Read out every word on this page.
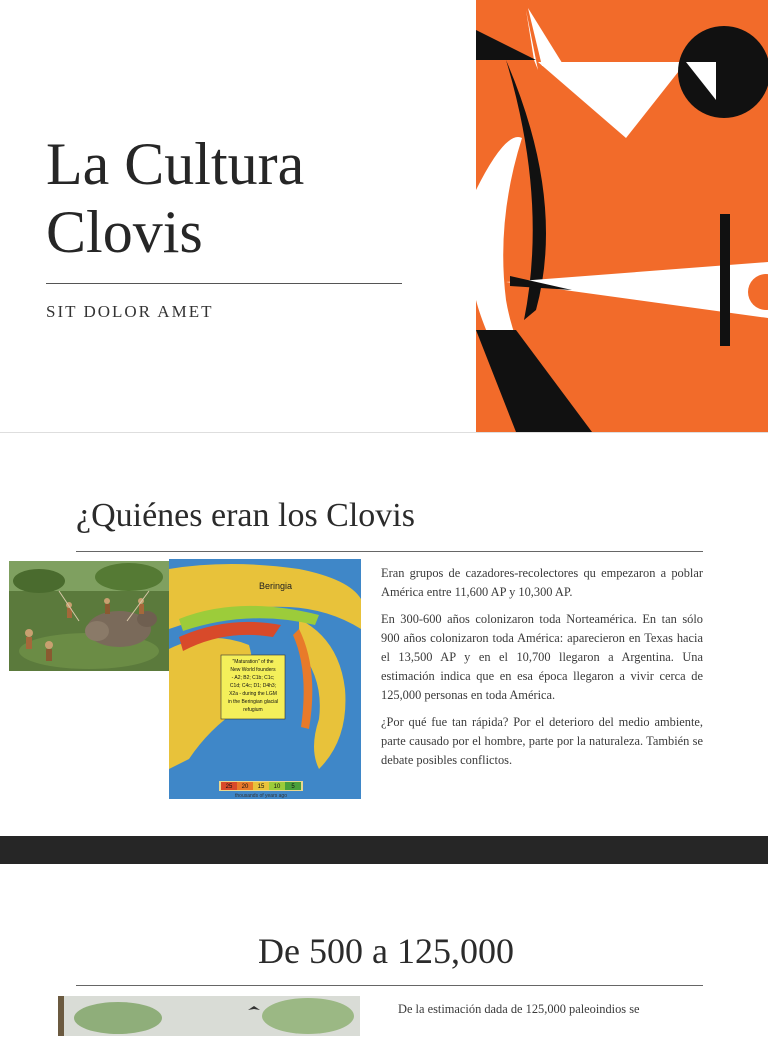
La Cultura
Clovis
SIT DOLOR AMET
¿Quiénes eran los Clovis
Beringia
"Maturation" of the
New World founders
- A2; B2; C1b; C1c;
C1d; C4c; D1; D4h3;
X2a - during the LGM
in the Beringian glacial
refugium
25 20 15 10 5
thousands of years ago

Eran grupos de cazadores-recolectores qu empezaron a poblar América entre 11,600 AP y 10,300 AP.

En 300-600 años colonizaron toda Norteamérica. En tan sólo 900 años colonizaron toda América: aparecieron en Texas hacia el 13,500 AP y en el 10,700 llegaron a Argentina. Una estimación indica que en esa época llegaron a vivir cerca de 125,000 personas en toda América.

¿Por qué fue tan rápida? Por el deterioro del medio ambiente, parte causado por el hombre, parte por la naturaleza. También se debate posibles conflictos.

De 500 a 125,000
De la estimación dada de 125,000 paleoindios se
